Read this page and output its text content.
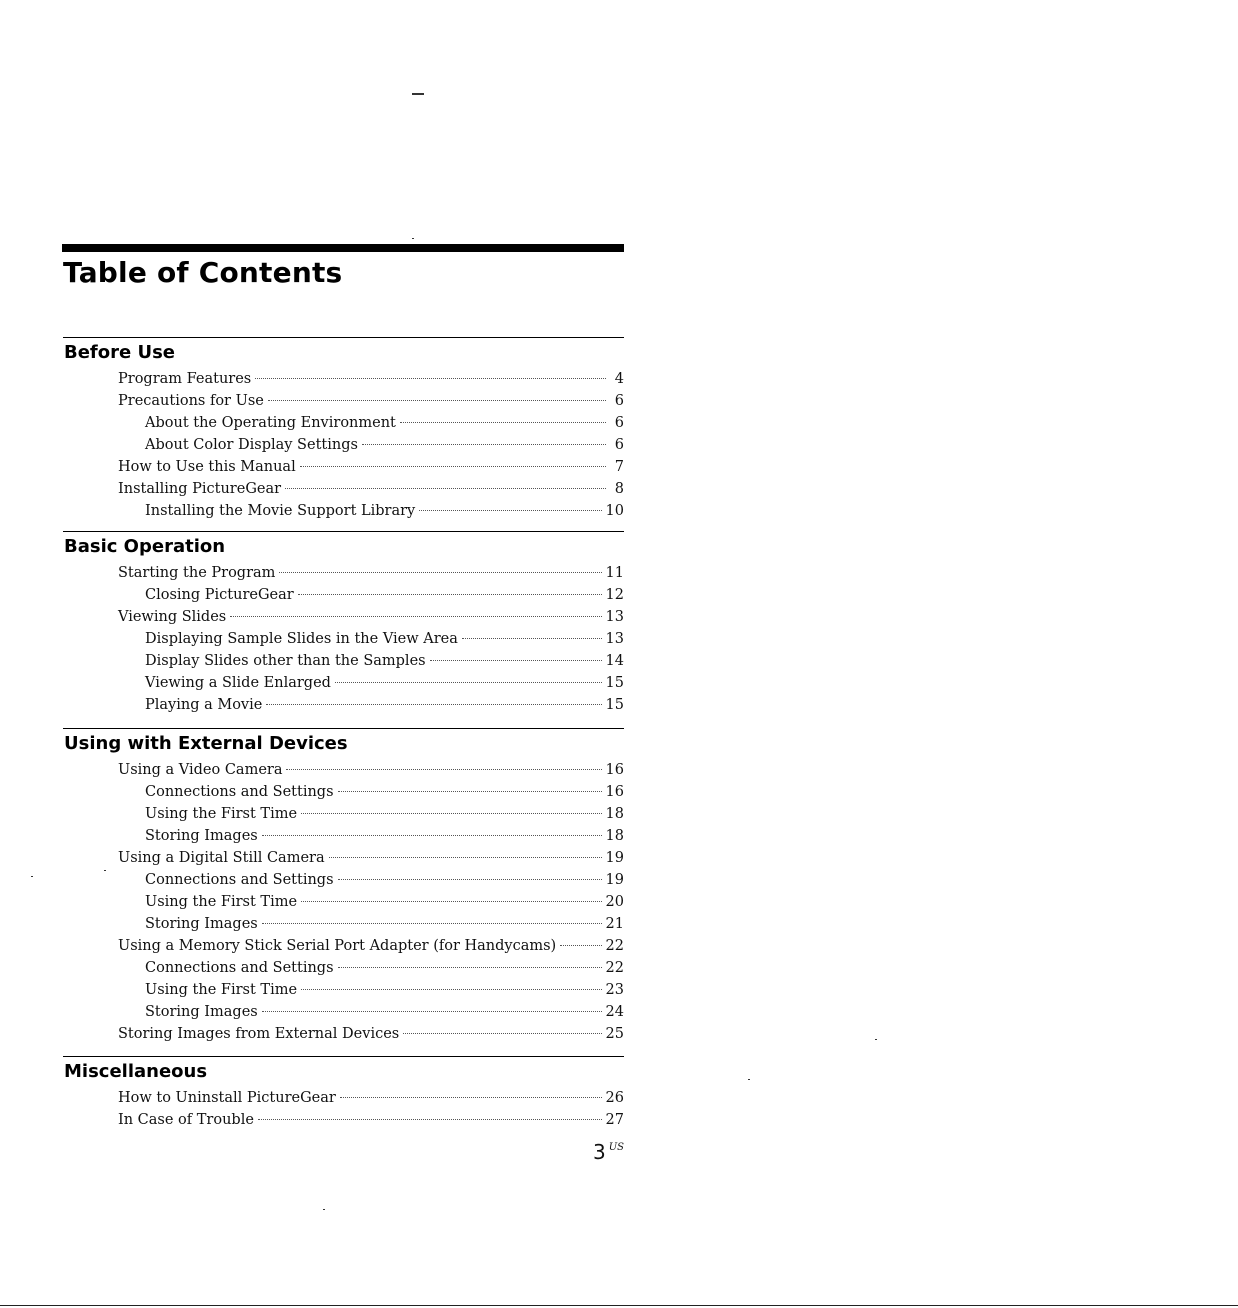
Table of Contents
Before Use
Program Features	4
Precautions for Use	6
About the Operating Environment	6
About Color Display Settings	6
How to Use this Manual	7
Installing PictureGear	8
Installing the Movie Support Library	10
Basic Operation
Starting the Program	11
Closing PictureGear	12
Viewing Slides	13
Displaying Sample Slides in the View Area	13
Display Slides other than the Samples	14
Viewing a Slide Enlarged	15
Playing a Movie	15
Using with External Devices
Using a Video Camera	16
Connections and Settings	16
Using the First Time	18
Storing Images	18
Using a Digital Still Camera	19
Connections and Settings	19
Using the First Time	20
Storing Images	21
Using a Memory Stick Serial Port Adapter (for Handycams)	22
Connections and Settings	22
Using the First Time	23
Storing Images	24
Storing Images from External Devices	25
Miscellaneous
How to Uninstall PictureGear	26
In Case of Trouble	27
3 $^{US}$
